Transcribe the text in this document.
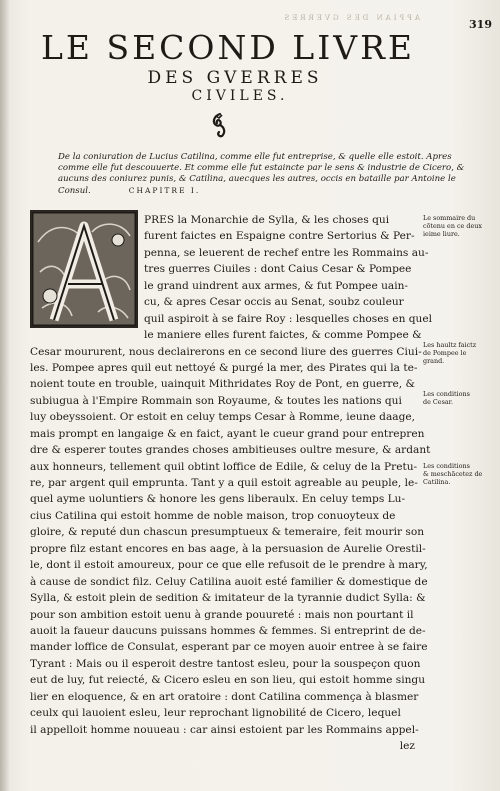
APPIAN DES GVERRES	319
LE SECOND LIVRE
DES GVERRES
CIVILES.
De la coniuration de Lucius Catilina, comme elle fut entreprise, & quelle elle estoit. Apres
comme elle fut descouuerte. Et comme elle fut estaincte par le sens & industrie de Cicero, &
aucuns des coniurez punis, & Catilina, auecques les autres, occis en bataille par Antoine le
Consul.	CHAPITRE I.
PRES la Monarchie de Sylla, & les choses qui
furent faictes en Espaigne contre Sertorius & Per-
penna, se leuerent de rechef entre les Rommains au-
tres guerres Ciuiles : dont Caius Cesar & Pompee
le grand uindrent aux armes, & fut Pompee uain-
cu, & apres Cesar occis au Senat, soubz couleur
quil aspiroit à se faire Roy : lesquelles choses en quel
le maniere elles furent faictes, & comme Pompee &
Cesar moururent, nous declairerons en ce second liure des guerres Ciui-
les. Pompee apres quil eut nettoyé & purgé la mer, des Pirates qui la te-
noient toute en trouble, uainquit Mithridates Roy de Pont, en guerre, &
subiugua à l'Empire Rommain son Royaume, & toutes les nations qui
luy obeyssoient. Or estoit en celuy temps Cesar à Romme, ieune daage,
mais prompt en langaige & en faict, ayant le cueur grand pour entrepren
dre & esperer toutes grandes choses ambitieuses oultre mesure, & ardant
aux honneurs, tellement quil obtint loffice de Edile, & celuy de la Pretu-
re, par argent quil emprunta. Tant y a quil estoit agreable au peuple, le-
quel ayme uoluntiers & honore les gens liberaulx. En celuy temps Lu-
cius Catilina qui estoit homme de noble maison, trop conuoyteux de
gloire, & reputé dun chascun presumptueux & temeraire, feit mourir son
propre filz estant encores en bas aage, à la persuasion de Aurelie Orestil-
le, dont il estoit amoureux, pour ce que elle refusoit de le prendre à mary,
à cause de sondict filz. Celuy Catilina auoit esté familier & domestique de
Sylla, & estoit plein de sedition & imitateur de la tyrannie dudict Sylla: &
pour son ambition estoit uenu à grande pouureté : mais non pourtant il
auoit la faueur daucuns puissans hommes & femmes. Si entreprint de de-
mander loffice de Consulat, esperant par ce moyen auoir entree à se faire
Tyrant : Mais ou il esperoit destre tantost esleu, pour la souspeçon quon
eut de luy, fut reiecté, & Cicero esleu en son lieu, qui estoit homme singu
lier en eloquence, & en art oratoire : dont Catilina commença à blasmer
ceulx qui lauoient esleu, leur reprochant lignobilité de Cicero, lequel
il appelloit homme nouueau : car ainsi estoient par les Rommains appel-
lez
Le sommaire du
cõtenu en ce deux
ieime liure.
Les haultz faictz
de Pompee le
grand.
Les conditions
de Cesar.
Les conditions
& meschãcetez de
Catilina.
